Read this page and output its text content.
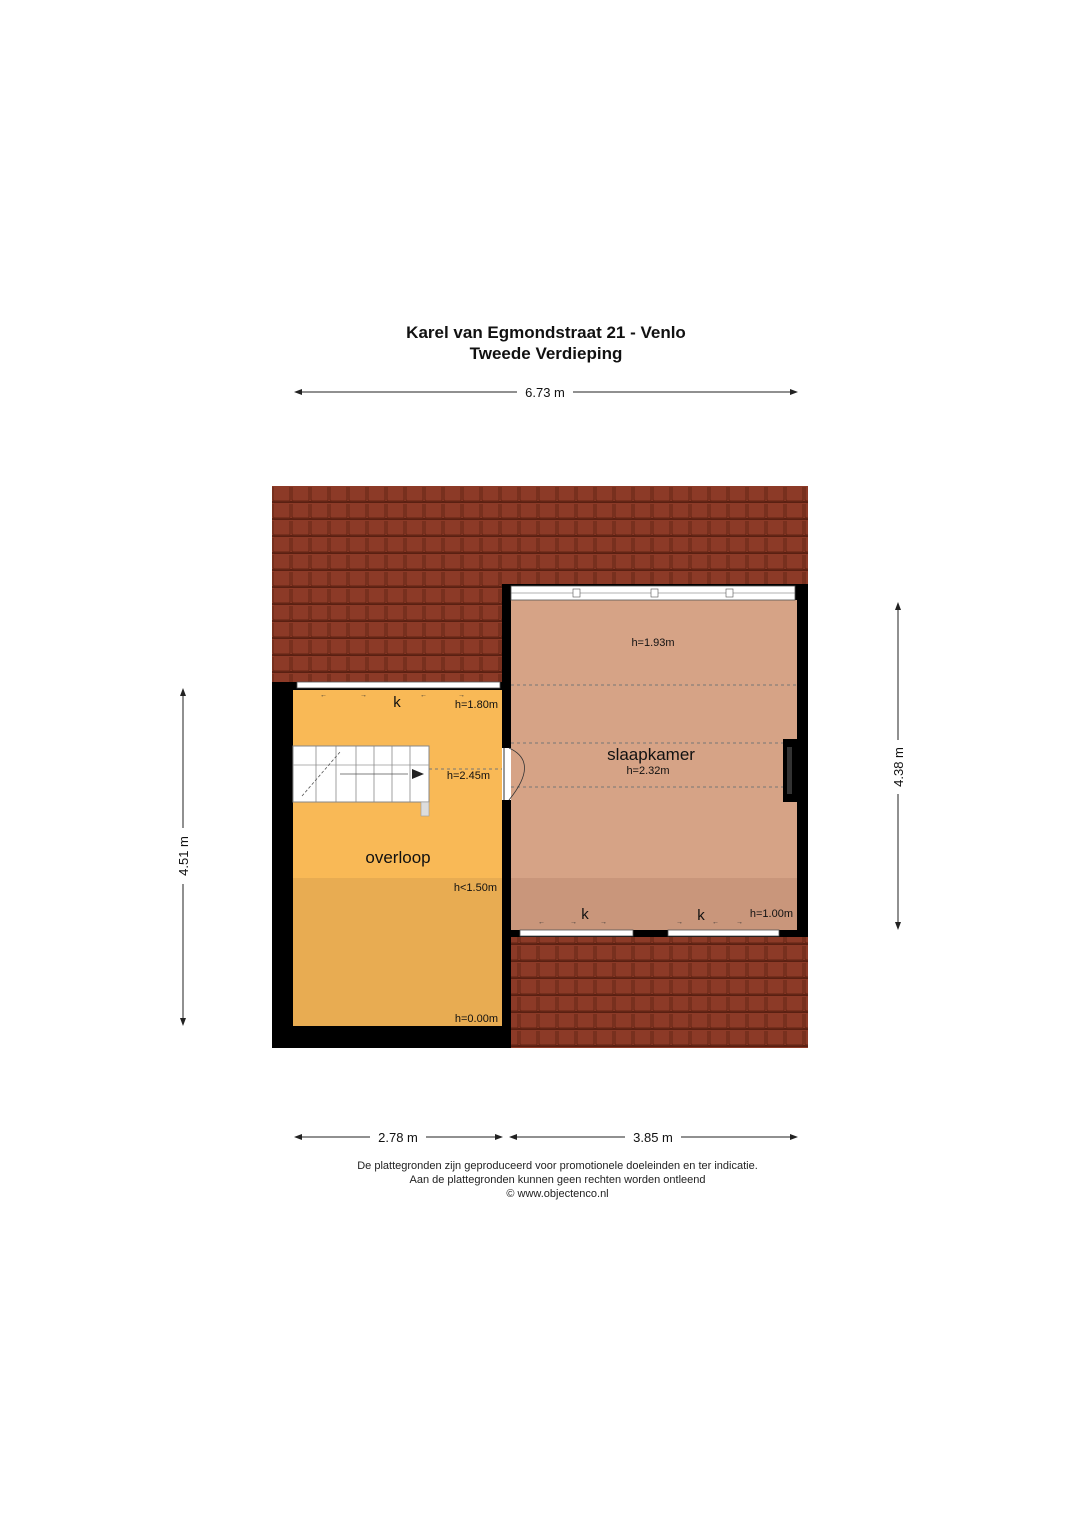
Karel van Egmondstraat 21 - Venlo
Tweede Verdieping
←	→	←	→
←	→	→	→	← →
slaapkamer
overloop
h=1.93m
h=2.32m
h=1.00m
h=1.80m
h=2.45m
h<1.50m
h=0.00m
k
k	k
6.73 m
4.51 m
4.38 m
2.78 m	3.85 m
De plattegronden zijn geproduceerd voor promotionele doeleinden en ter indicatie.
Aan de plattegronden kunnen geen rechten worden ontleend
© www.objectenco.nl
